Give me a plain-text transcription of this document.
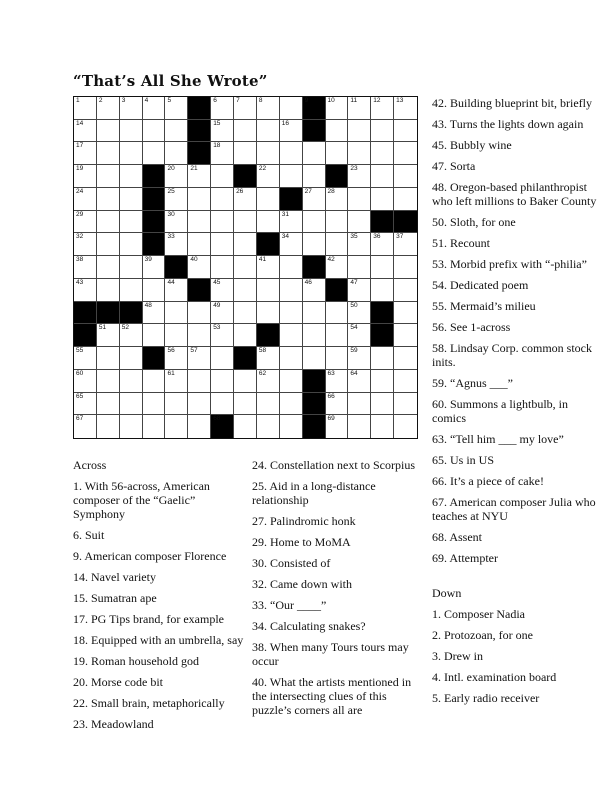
“That’s All She Wrote”
1	2	3	4	5	6	7	8	9	10 11 12 13
14	15	16
17	18
19	20 21	22	23
24	25	26	27 28
29	30	31
32	33	34	35 36 37
38	39	40	41	42
43	44	45	46	47
48	49	50
51 52	53	54
55	56 57	58	59
60	61	62	63 64
65	66
67	68	69
Across
1. With 56-across, American composer of the “Gaelic” Symphony
6. Suit
9. American composer Florence
14. Navel variety
15. Sumatran ape
17. PG Tips brand, for example
18. Equipped with an umbrella, say
19. Roman household god
20. Morse code bit
22. Small brain, metaphorically
23. Meadowland
24. Constellation next to Scorpius
25. Aid in a long-distance relationship
27. Palindromic honk
29. Home to MoMA
30. Consisted of
32. Came down with
33. “Our ____”
34. Calculating snakes?
38. When many Tours tours may occur
40. What the artists mentioned in the intersecting clues of this puzzle’s corners all are
42. Building blueprint bit, briefly
43. Turns the lights down again
45. Bubbly wine
47. Sorta
48. Oregon-based philanthropist who left millions to Baker County
50. Sloth, for one
51. Recount
53. Morbid prefix with “-philia”
54. Dedicated poem
55. Mermaid’s milieu
56. See 1-across
58. Lindsay Corp. common stock inits.
59. “Agnus ___”
60. Summons a lightbulb, in comics
63. “Tell him ___ my love”
65. Us in US
66. It’s a piece of cake!
67. American composer Julia who teaches at NYU
68. Assent
69. Attempter
Down
1. Composer Nadia
2. Protozoan, for one
3. Drew in
4. Intl. examination board
5. Early radio receiver
